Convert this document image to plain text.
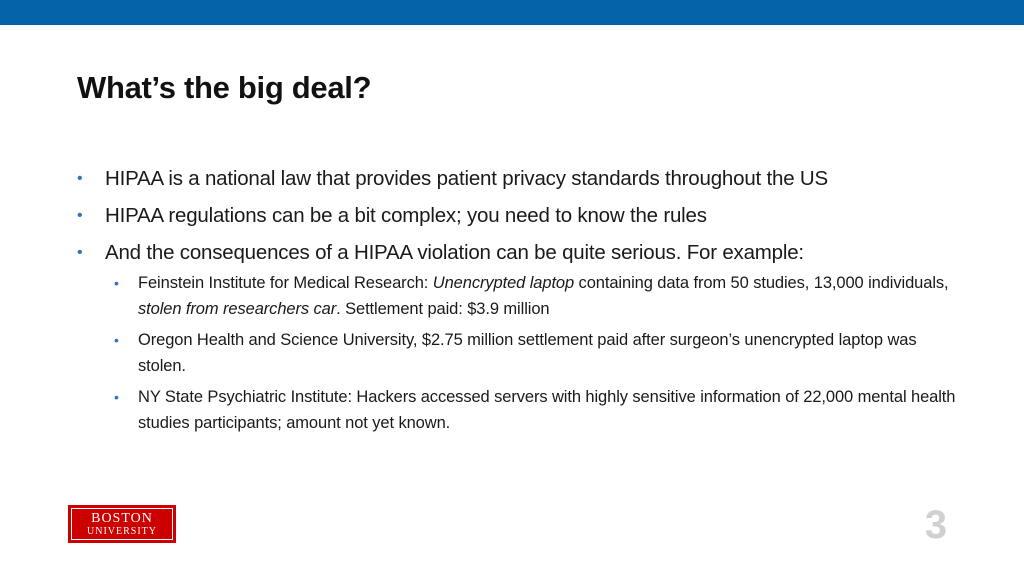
What’s the big deal?
• HIPAA is a national law that provides patient privacy standards throughout the US
• HIPAA regulations can be a bit complex; you need to know the rules
• And the consequences of a HIPAA violation can be quite serious. For example:
• Feinstein Institute for Medical Research: Unencrypted laptop containing data from 50 studies, 13,000 individuals, stolen from researchers car. Settlement paid: $3.9 million
• Oregon Health and Science University, $2.75 million settlement paid after surgeon’s unencrypted laptop was stolen.
• NY State Psychiatric Institute: Hackers accessed servers with highly sensitive information of 22,000 mental health studies participants; amount not yet known.
BOSTON
UNIVERSITY	3
